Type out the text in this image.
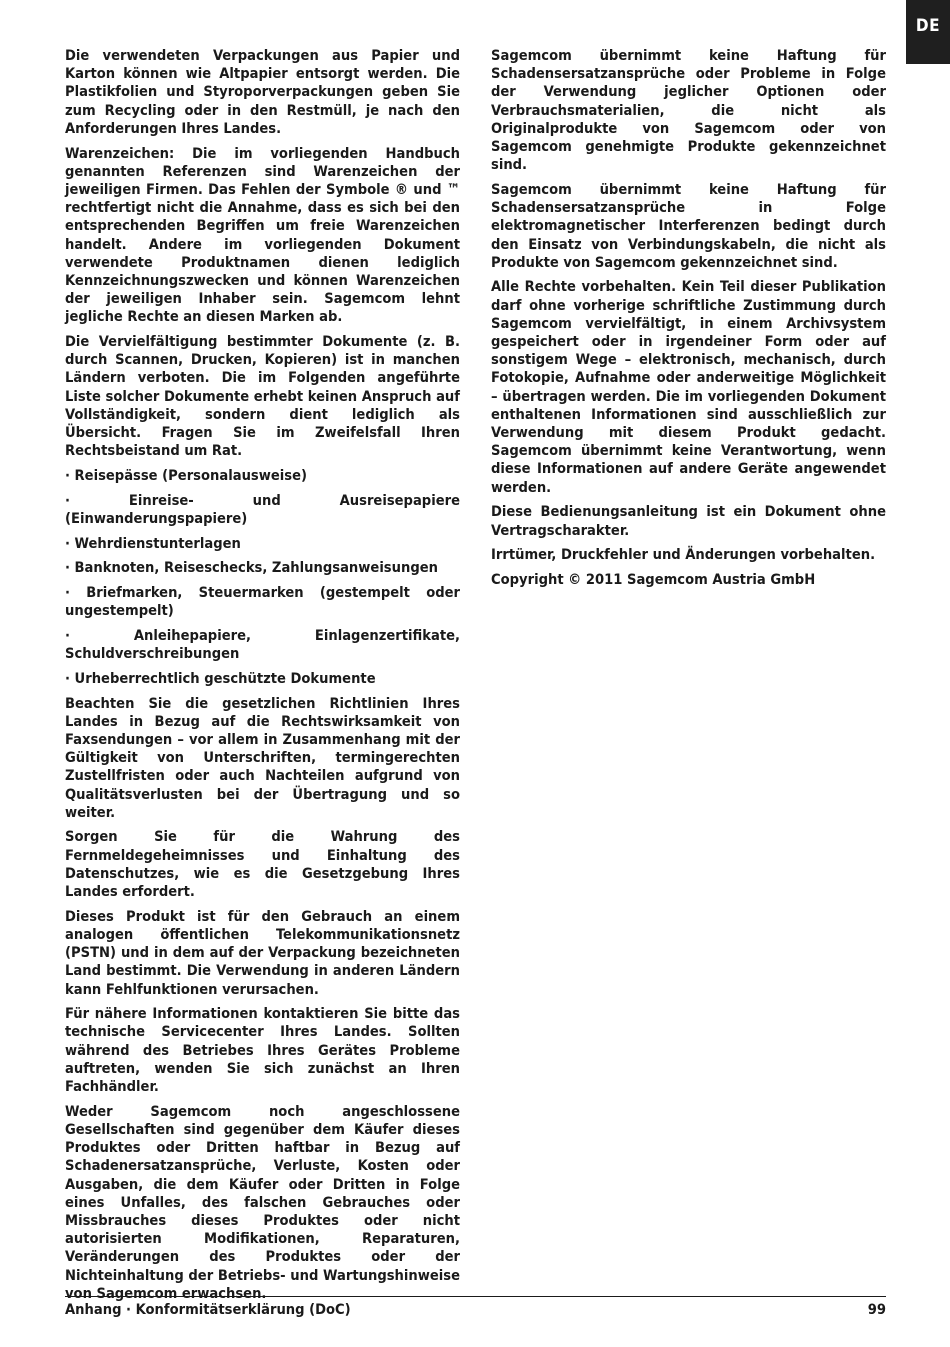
DE

Die verwendeten Verpackungen aus Papier und Karton können wie Altpapier entsorgt werden. Die Plastikfolien und Styroporverpackungen geben Sie zum Recycling oder in den Restmüll, je nach den Anforderungen Ihres Landes.

Warenzeichen: Die im vorliegenden Handbuch genannten Referenzen sind Warenzeichen der jeweiligen Firmen. Das Fehlen der Symbole ® und ™ rechtfertigt nicht die Annahme, dass es sich bei den entsprechenden Begriffen um freie Warenzeichen handelt. Andere im vorliegenden Dokument verwendete Produktnamen dienen lediglich Kennzeichnungszwecken und können Warenzeichen der jeweiligen Inhaber sein. Sagemcom lehnt jegliche Rechte an diesen Marken ab.

Die Vervielfältigung bestimmter Dokumente (z. B. durch Scannen, Drucken, Kopieren) ist in manchen Ländern verboten. Die im Folgenden angeführte Liste solcher Dokumente erhebt keinen Anspruch auf Vollständigkeit, sondern dient lediglich als Übersicht. Fragen Sie im Zweifelsfall Ihren Rechtsbeistand um Rat.

· Reisepässe (Personalausweise)

· Einreise- und Ausreisepapiere (Einwanderungspapiere)

· Wehrdienstunterlagen

· Banknoten, Reiseschecks, Zahlungsanweisungen

· Briefmarken, Steuermarken (gestempelt oder ungestempelt)

· Anleihepapiere, Einlagenzertifikate, Schuldverschreibungen

· Urheberrechtlich geschützte Dokumente

Beachten Sie die gesetzlichen Richtlinien Ihres Landes in Bezug auf die Rechtswirksamkeit von Faxsendungen – vor allem in Zusammenhang mit der Gültigkeit von Unterschriften, termingerechten Zustellfristen oder auch Nachteilen aufgrund von Qualitätsverlusten bei der Übertragung und so weiter.

Sorgen Sie für die Wahrung des Fernmeldegeheimnisses und Einhaltung des Datenschutzes, wie es die Gesetzgebung Ihres Landes erfordert.

Dieses Produkt ist für den Gebrauch an einem analogen öffentlichen Telekommunikationsnetz (PSTN) und in dem auf der Verpackung bezeichneten Land bestimmt. Die Verwendung in anderen Ländern kann Fehlfunktionen verursachen.

Für nähere Informationen kontaktieren Sie bitte das technische Servicecenter Ihres Landes. Sollten während des Betriebes Ihres Gerätes Probleme auftreten, wenden Sie sich zunächst an Ihren Fachhändler.

Weder Sagemcom noch angeschlossene Gesellschaften sind gegenüber dem Käufer dieses Produktes oder Dritten haftbar in Bezug auf Schadenersatzansprüche, Verluste, Kosten oder Ausgaben, die dem Käufer oder Dritten in Folge eines Unfalles, des falschen Gebrauches oder Missbrauches dieses Produktes oder nicht autorisierten Modifikationen, Reparaturen, Veränderungen des Produktes oder der Nichteinhaltung der Betriebs- und Wartungshinweise von Sagemcom erwachsen.

Sagemcom übernimmt keine Haftung für Schadensersatzansprüche oder Probleme in Folge der Verwendung jeglicher Optionen oder Verbrauchsmaterialien, die nicht als Originalprodukte von Sagemcom oder von Sagemcom genehmigte Produkte gekennzeichnet sind.

Sagemcom übernimmt keine Haftung für Schadensersatzansprüche in Folge elektromagnetischer Interferenzen bedingt durch den Einsatz von Verbindungskabeln, die nicht als Produkte von Sagemcom gekennzeichnet sind.

Alle Rechte vorbehalten. Kein Teil dieser Publikation darf ohne vorherige schriftliche Zustimmung durch Sagemcom vervielfältigt, in einem Archivsystem gespeichert oder in irgendeiner Form oder auf sonstigem Wege – elektronisch, mechanisch, durch Fotokopie, Aufnahme oder anderweitige Möglichkeit – übertragen werden. Die im vorliegenden Dokument enthaltenen Informationen sind ausschließlich zur Verwendung mit diesem Produkt gedacht. Sagemcom übernimmt keine Verantwortung, wenn diese Informationen auf andere Geräte angewendet werden.

Diese Bedienungsanleitung ist ein Dokument ohne Vertragscharakter.

Irrtümer, Druckfehler und Änderungen vorbehalten.

Copyright © 2011 Sagemcom Austria GmbH

Anhang · Konformitätserklärung (DoC)	99
